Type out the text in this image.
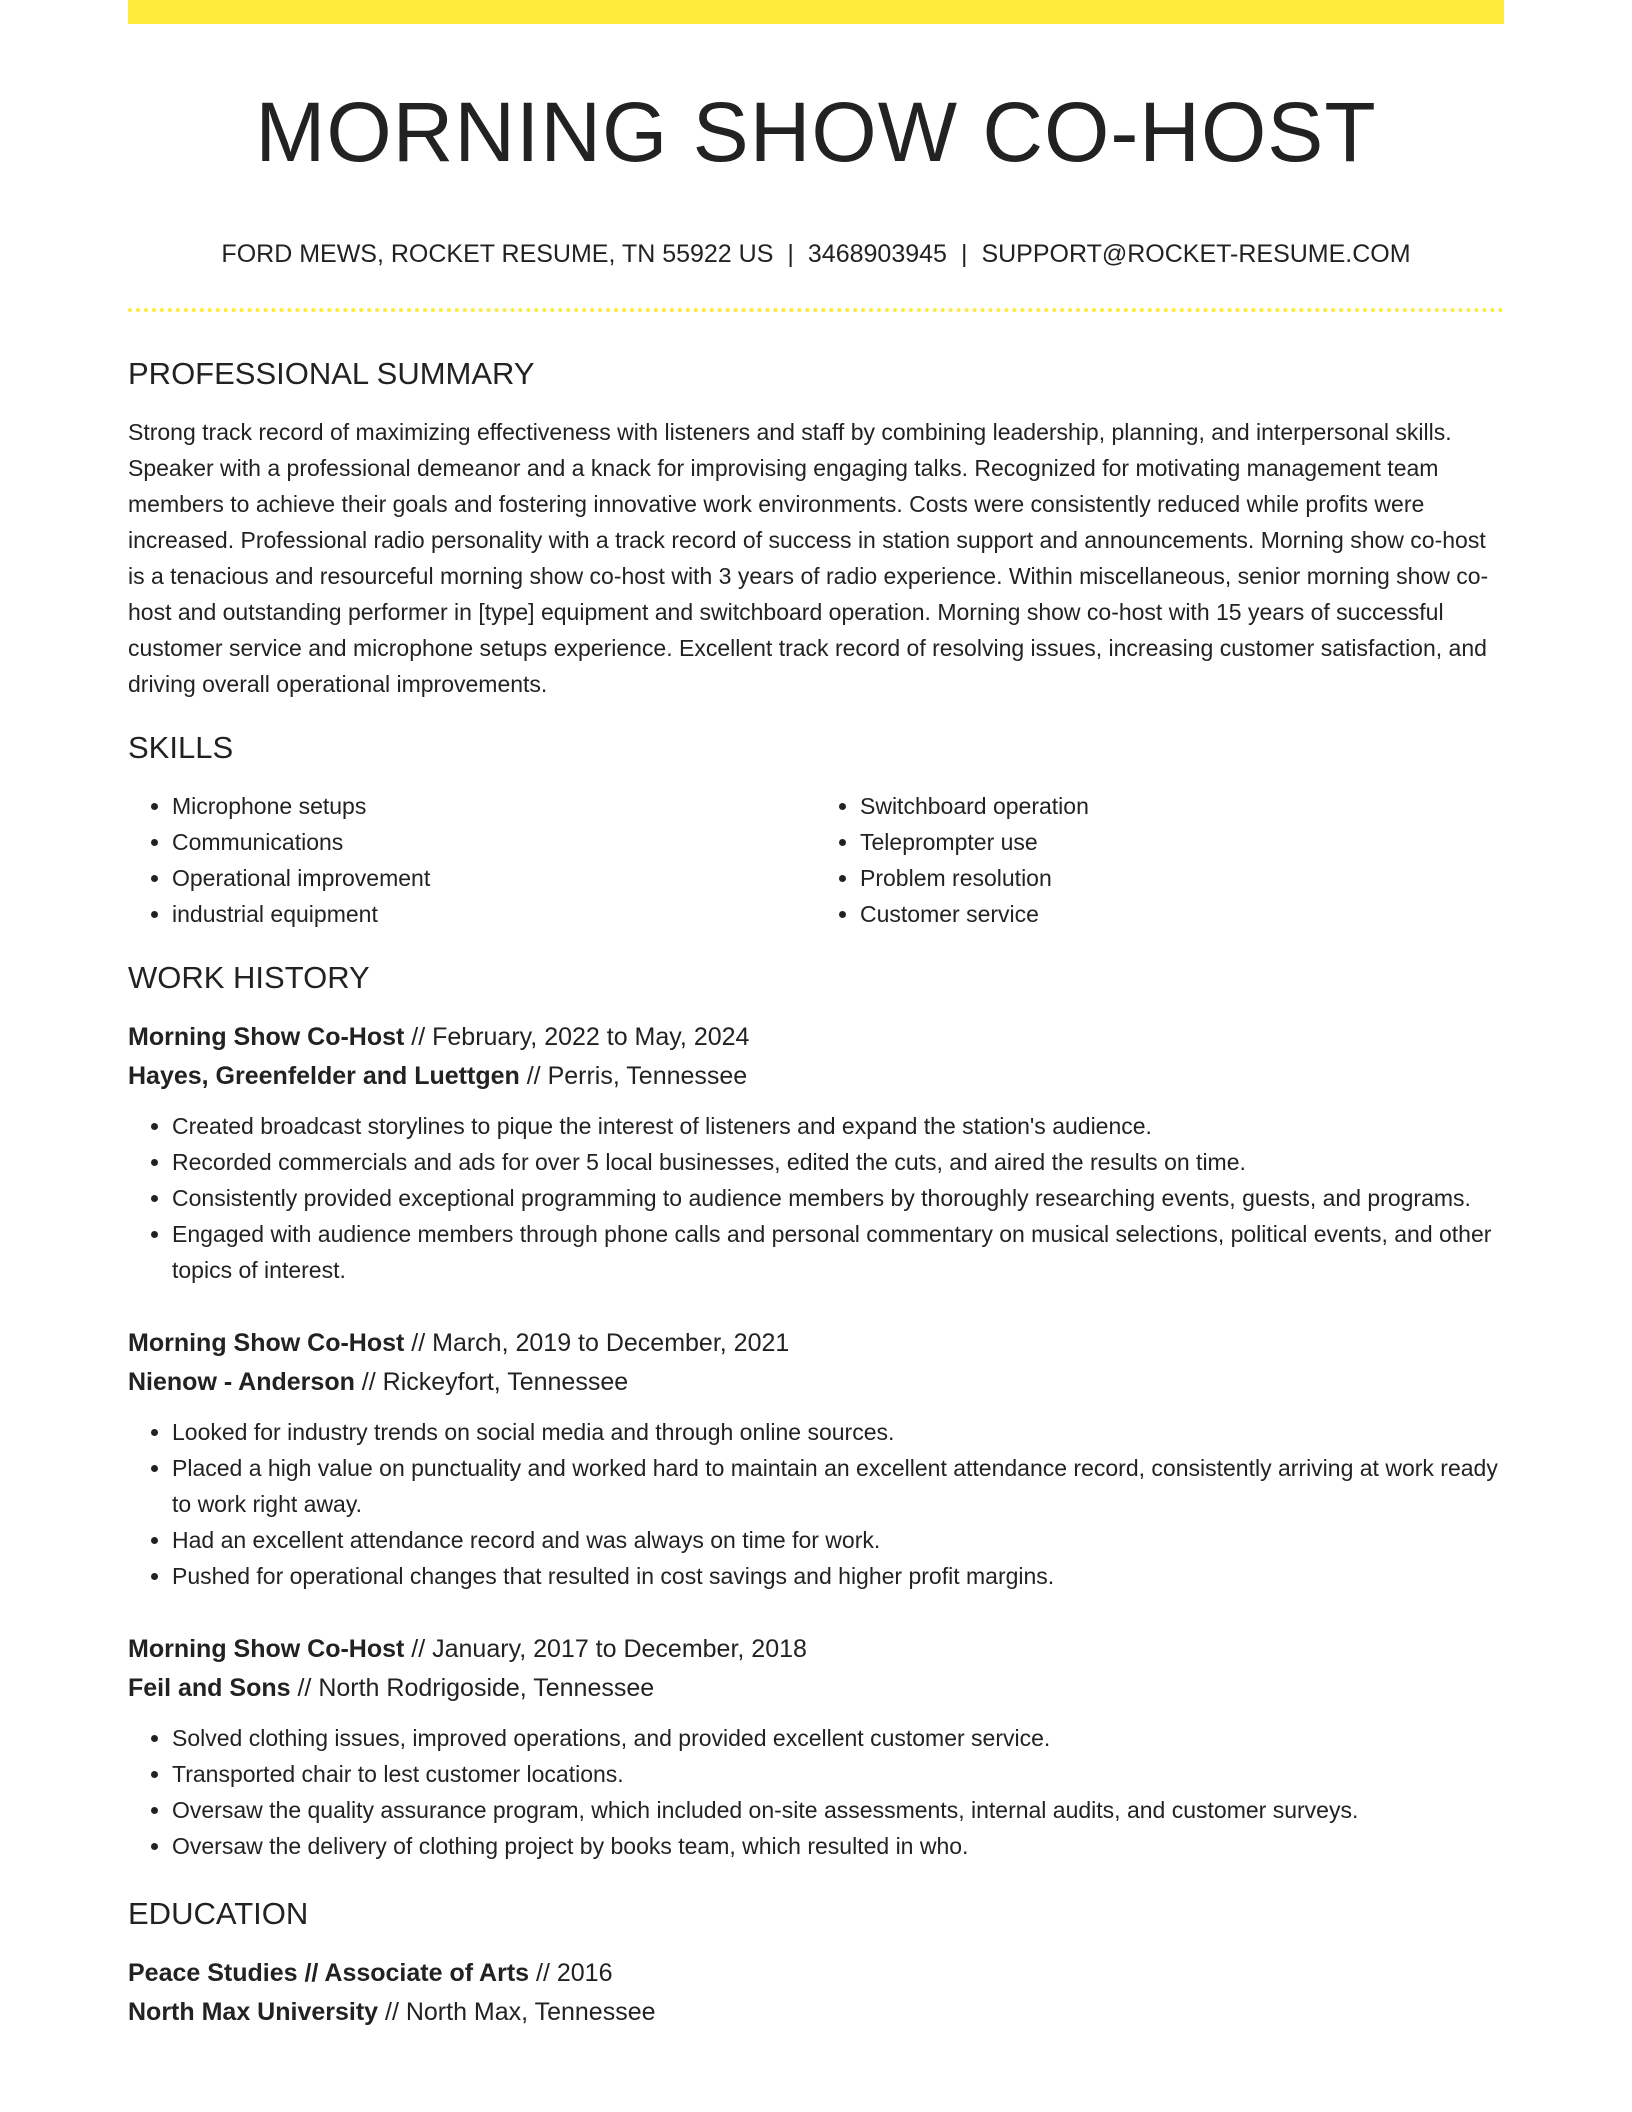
MORNING SHOW CO-HOST
FORD MEWS, ROCKET RESUME, TN 55922 US | 3468903945 | SUPPORT@ROCKET-RESUME.COM
PROFESSIONAL SUMMARY
Strong track record of maximizing effectiveness with listeners and staff by combining leadership, planning, and interpersonal skills. Speaker with a professional demeanor and a knack for improvising engaging talks. Recognized for motivating management team members to achieve their goals and fostering innovative work environments. Costs were consistently reduced while profits were increased. Professional radio personality with a track record of success in station support and announcements. Morning show co-host is a tenacious and resourceful morning show co-host with 3 years of radio experience. Within miscellaneous, senior morning show co-host and outstanding performer in [type] equipment and switchboard operation. Morning show co-host with 15 years of successful customer service and microphone setups experience. Excellent track record of resolving issues, increasing customer satisfaction, and driving overall operational improvements.
SKILLS
• Microphone setups
• Communications
• Operational improvement
• industrial equipment
• Switchboard operation
• Teleprompter use
• Problem resolution
• Customer service
WORK HISTORY
Morning Show Co-Host // February, 2022 to May, 2024
Hayes, Greenfelder and Luettgen // Perris, Tennessee
• Created broadcast storylines to pique the interest of listeners and expand the station's audience.
• Recorded commercials and ads for over 5 local businesses, edited the cuts, and aired the results on time.
• Consistently provided exceptional programming to audience members by thoroughly researching events, guests, and programs.
• Engaged with audience members through phone calls and personal commentary on musical selections, political events, and other topics of interest.
Morning Show Co-Host // March, 2019 to December, 2021
Nienow - Anderson // Rickeyfort, Tennessee
• Looked for industry trends on social media and through online sources.
• Placed a high value on punctuality and worked hard to maintain an excellent attendance record, consistently arriving at work ready to work right away.
• Had an excellent attendance record and was always on time for work.
• Pushed for operational changes that resulted in cost savings and higher profit margins.
Morning Show Co-Host // January, 2017 to December, 2018
Feil and Sons // North Rodrigoside, Tennessee
• Solved clothing issues, improved operations, and provided excellent customer service.
• Transported chair to lest customer locations.
• Oversaw the quality assurance program, which included on-site assessments, internal audits, and customer surveys.
• Oversaw the delivery of clothing project by books team, which resulted in who.
EDUCATION
Peace Studies // Associate of Arts // 2016
North Max University // North Max, Tennessee
